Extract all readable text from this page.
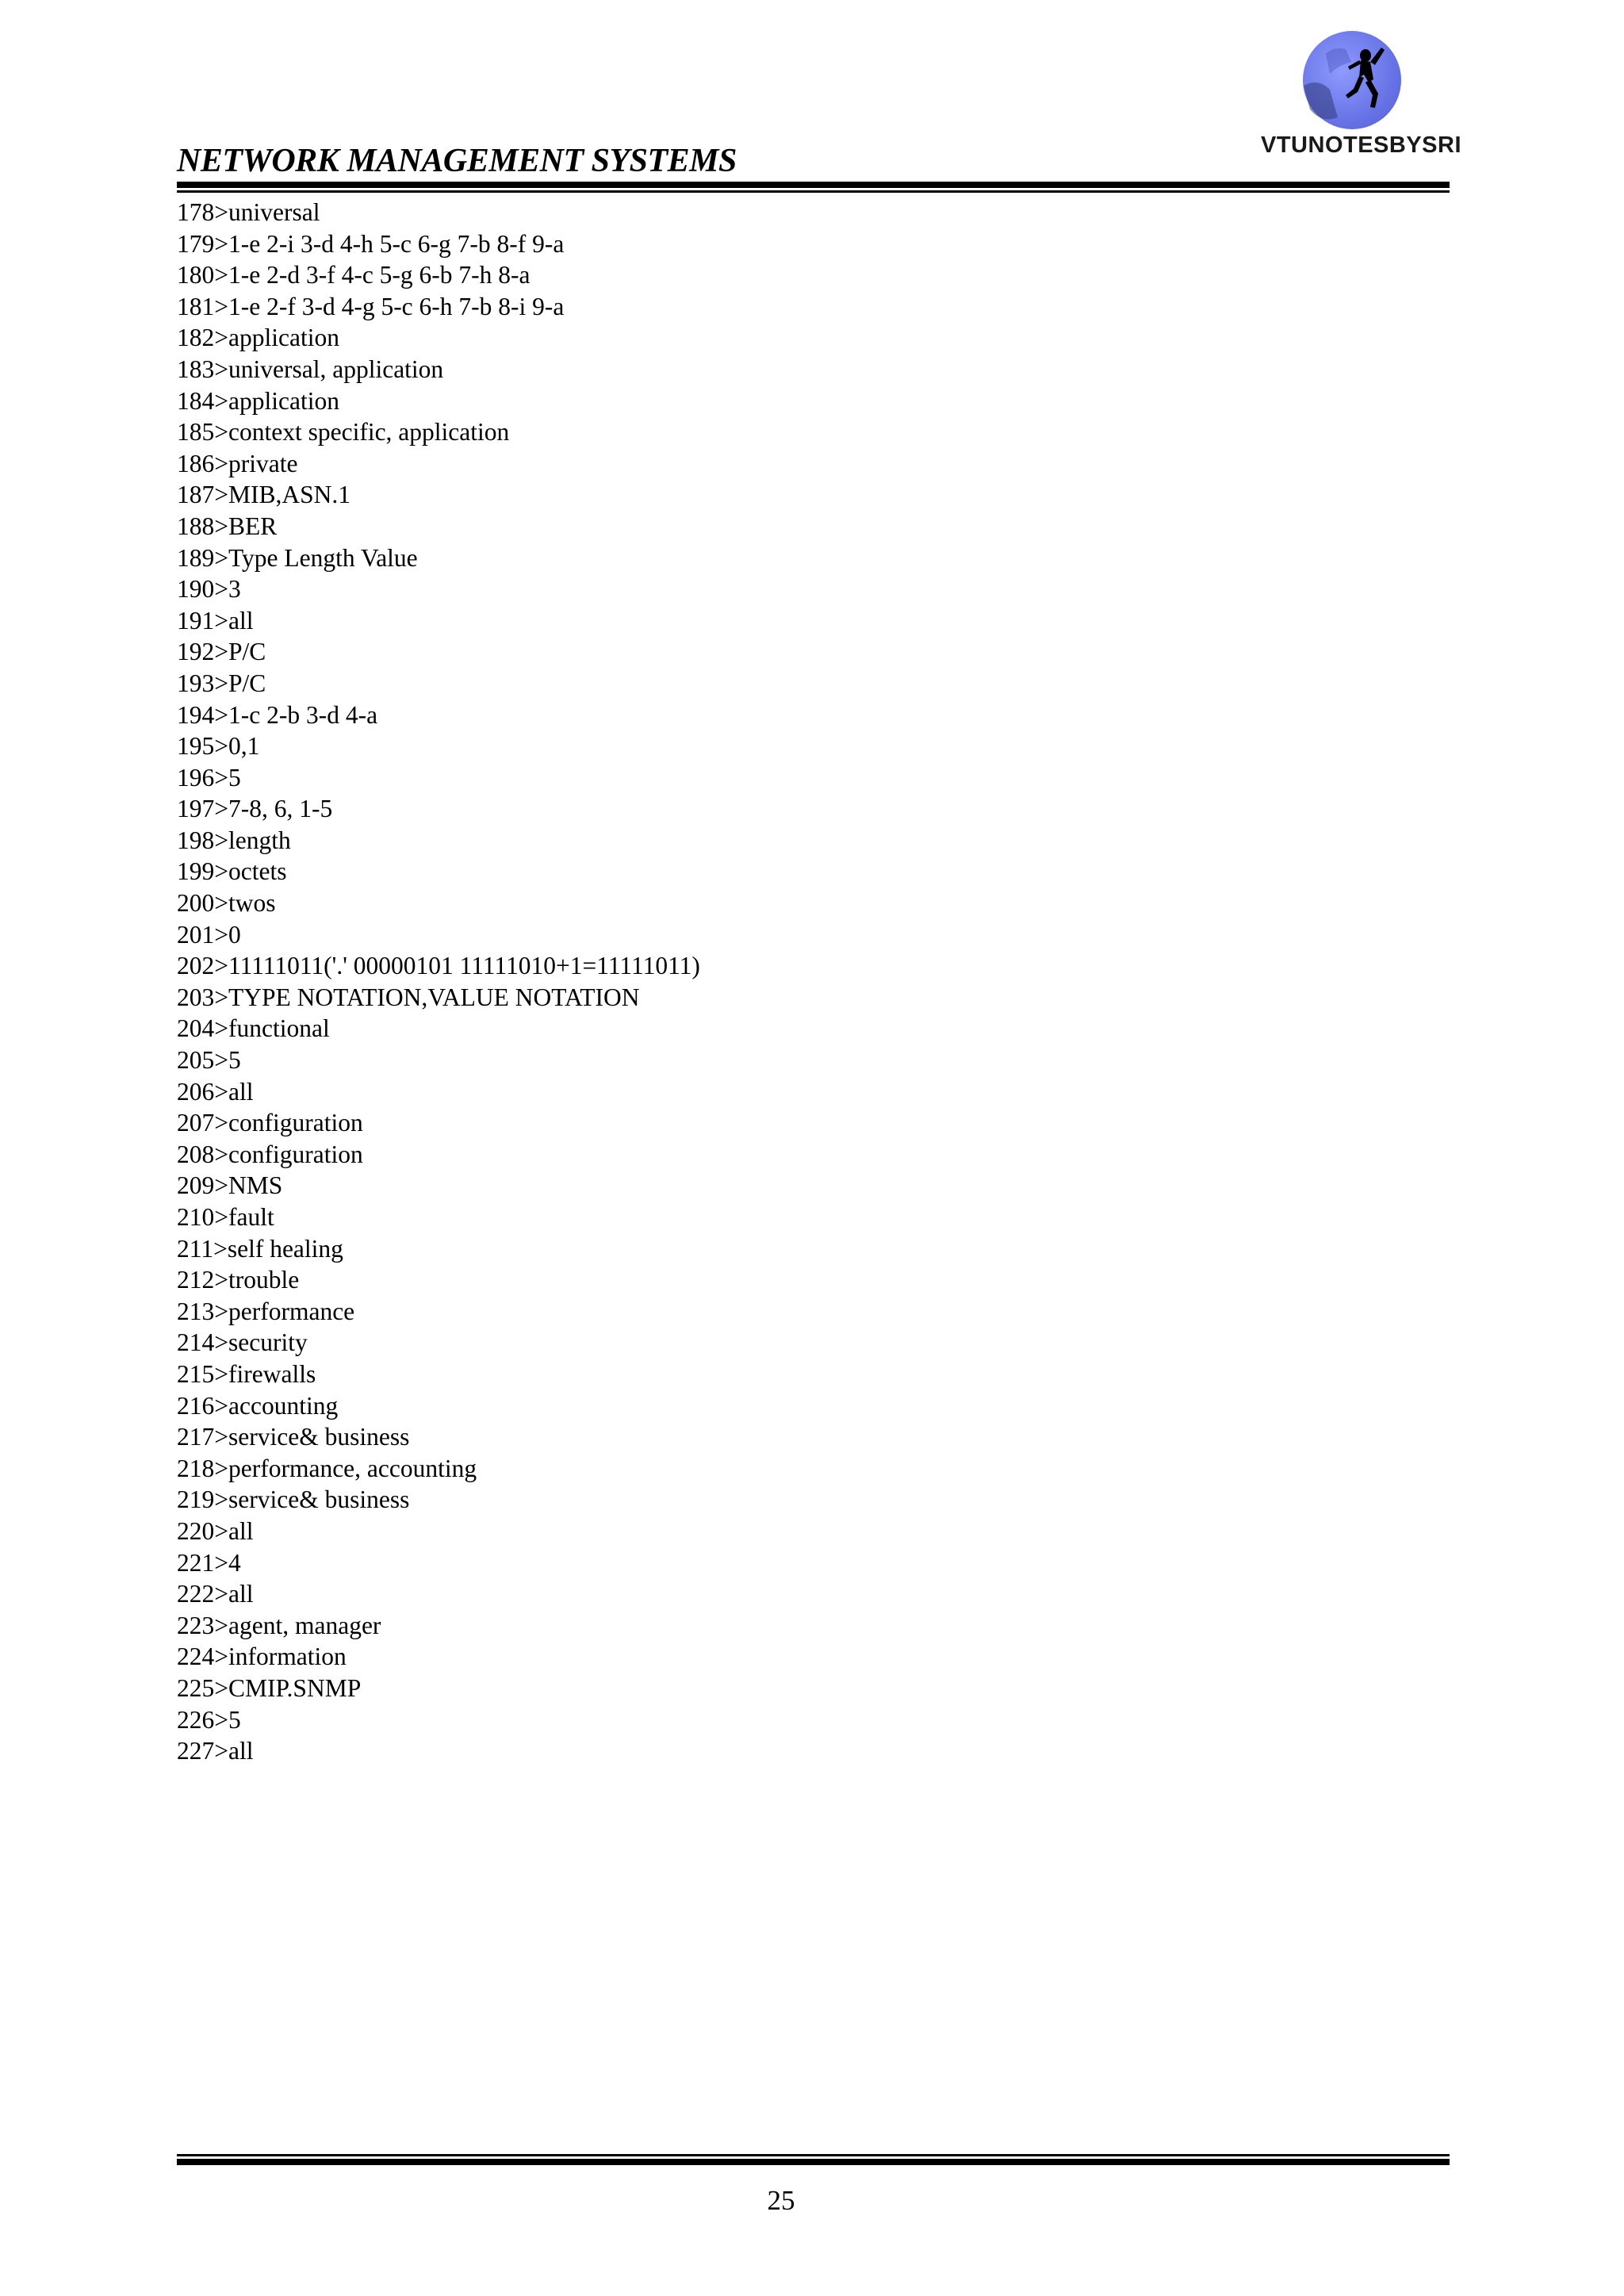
NETWORK MANAGEMENT SYSTEMS	VTUNOTESBYSRI
178>universal
179>1-e 2-i 3-d 4-h 5-c 6-g 7-b 8-f 9-a
180>1-e 2-d 3-f 4-c 5-g 6-b 7-h 8-a
181>1-e 2-f 3-d 4-g 5-c 6-h 7-b 8-i 9-a
182>application
183>universal, application
184>application
185>context specific, application
186>private
187>MIB,ASN.1
188>BER
189>Type Length Value
190>3
191>all
192>P/C
193>P/C
194>1-c 2-b 3-d 4-a
195>0,1
196>5
197>7-8, 6, 1-5
198>length
199>octets
200>twos
201>0
202>11111011('.' 00000101 11111010+1=11111011)
203>TYPE NOTATION,VALUE NOTATION
204>functional
205>5
206>all
207>configuration
208>configuration
209>NMS
210>fault
211>self healing
212>trouble
213>performance
214>security
215>firewalls
216>accounting
217>service& business
218>performance, accounting
219>service& business
220>all
221>4
222>all
223>agent, manager
224>information
225>CMIP.SNMP
226>5
227>all
25
